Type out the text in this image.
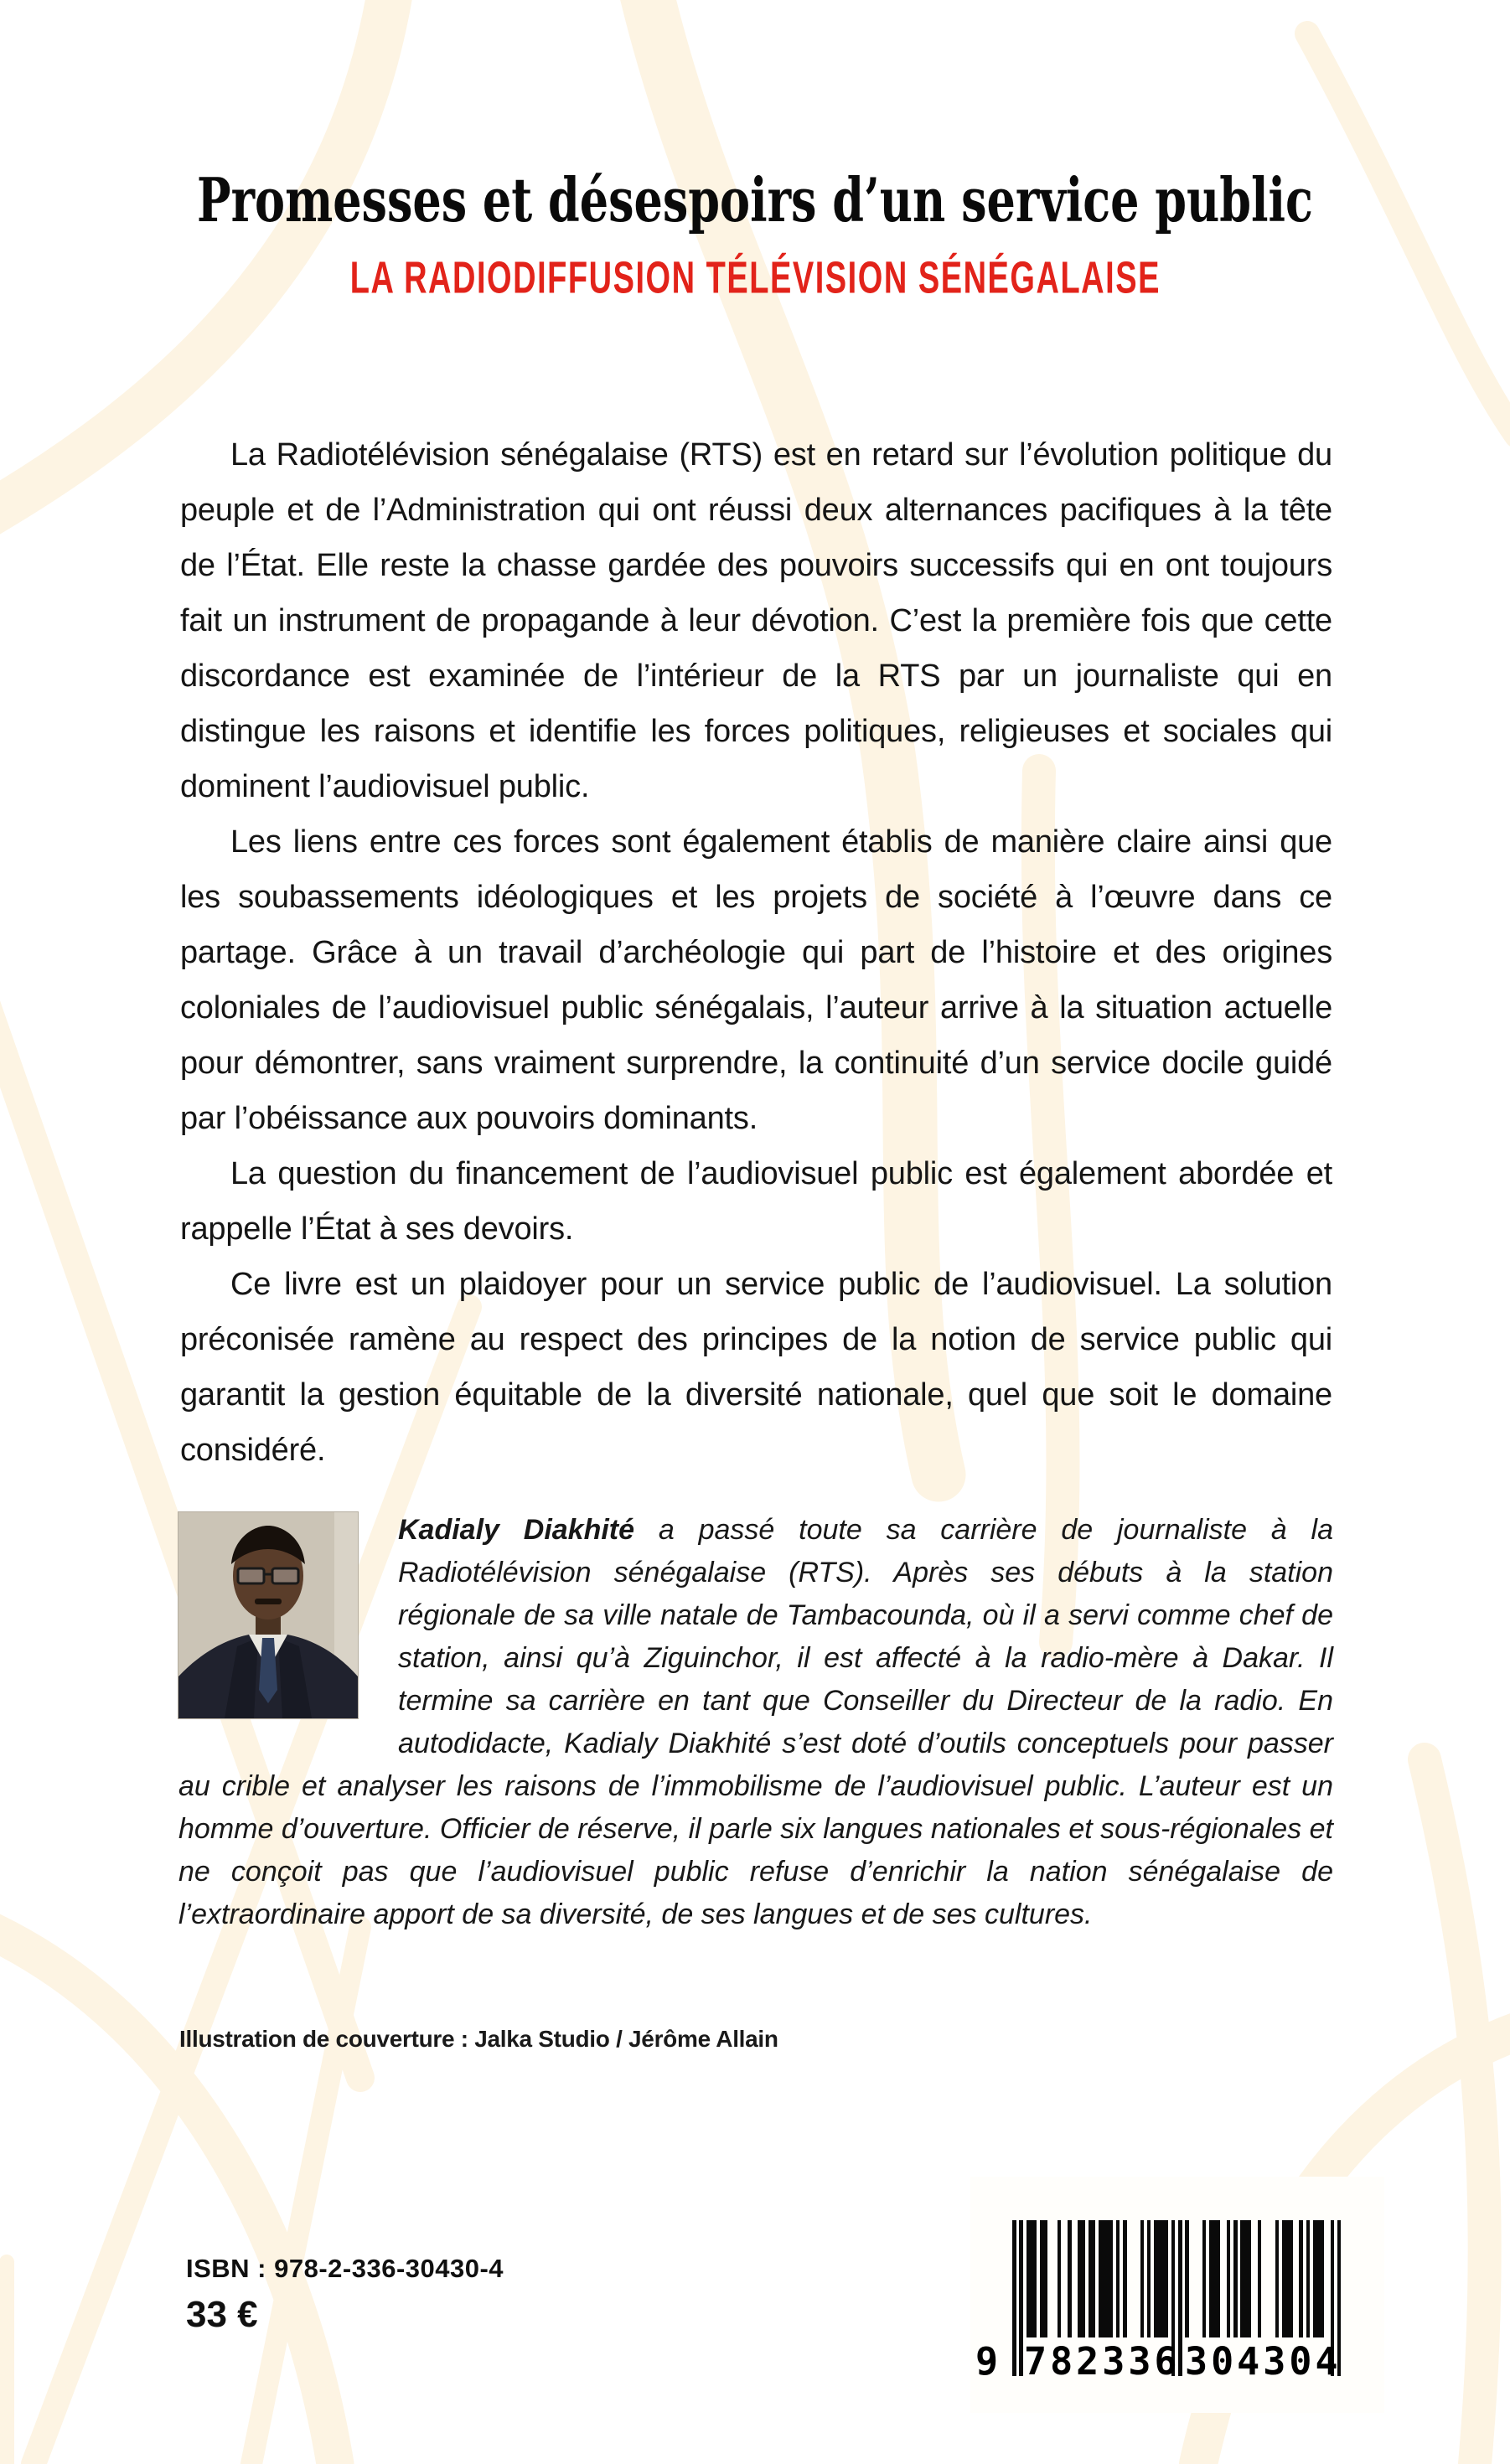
Promesses et désespoirs d’un service public
LA RADIODIFFUSION TÉLÉVISION SÉNÉGALAISE

La Radiotélévision sénégalaise (RTS) est en retard sur l’évolution politique du peuple et de l’Administration qui ont réussi deux alternances pacifiques à la tête de l’État. Elle reste la chasse gardée des pouvoirs successifs qui en ont toujours fait un instrument de propagande à leur dévotion. C’est la première fois que cette discordance est examinée de l’intérieur de la RTS par un journaliste qui en distingue les raisons et identifie les forces politiques, religieuses et sociales qui dominent l’audiovisuel public.

Les liens entre ces forces sont également établis de manière claire ainsi que les soubassements idéologiques et les projets de société à l’œuvre dans ce partage. Grâce à un travail d’archéologie qui part de l’histoire et des origines coloniales de l’audiovisuel public sénégalais, l’auteur arrive à la situation actuelle pour démontrer, sans vraiment surprendre, la continuité d’un service docile guidé par l’obéissance aux pouvoirs dominants.

La question du financement de l’audiovisuel public est également abordée et rappelle l’État à ses devoirs.

Ce livre est un plaidoyer pour un service public de l’audiovisuel. La solution préconisée ramène au respect des principes de la notion de service public qui garantit la gestion équitable de la diversité nationale, quel que soit le domaine considéré.

Kadialy Diakhité a passé toute sa carrière de journaliste à la Radiotélévision sénégalaise (RTS). Après ses débuts à la station régionale de sa ville natale de Tambacounda, où il a servi comme chef de station, ainsi qu’à Ziguinchor, il est affecté à la radio-mère à Dakar. Il termine sa carrière en tant que Conseiller du Directeur de la radio. En autodidacte, Kadialy Diakhité s’est doté d’outils conceptuels pour passer au crible et analyser les raisons de l’immobilisme de l’audiovisuel public. L’auteur est un homme d’ouverture. Officier de réserve, il parle six langues nationales et sous-régionales et ne conçoit pas que l’audiovisuel public refuse d’enrichir la nation sénégalaise de l’extraordinaire apport de sa diversité, de ses langues et de ses cultures.

Illustration de couverture : Jalka Studio / Jérôme Allain
ISBN : 978-2-336-30430-4
33 €
9 782336 304304
